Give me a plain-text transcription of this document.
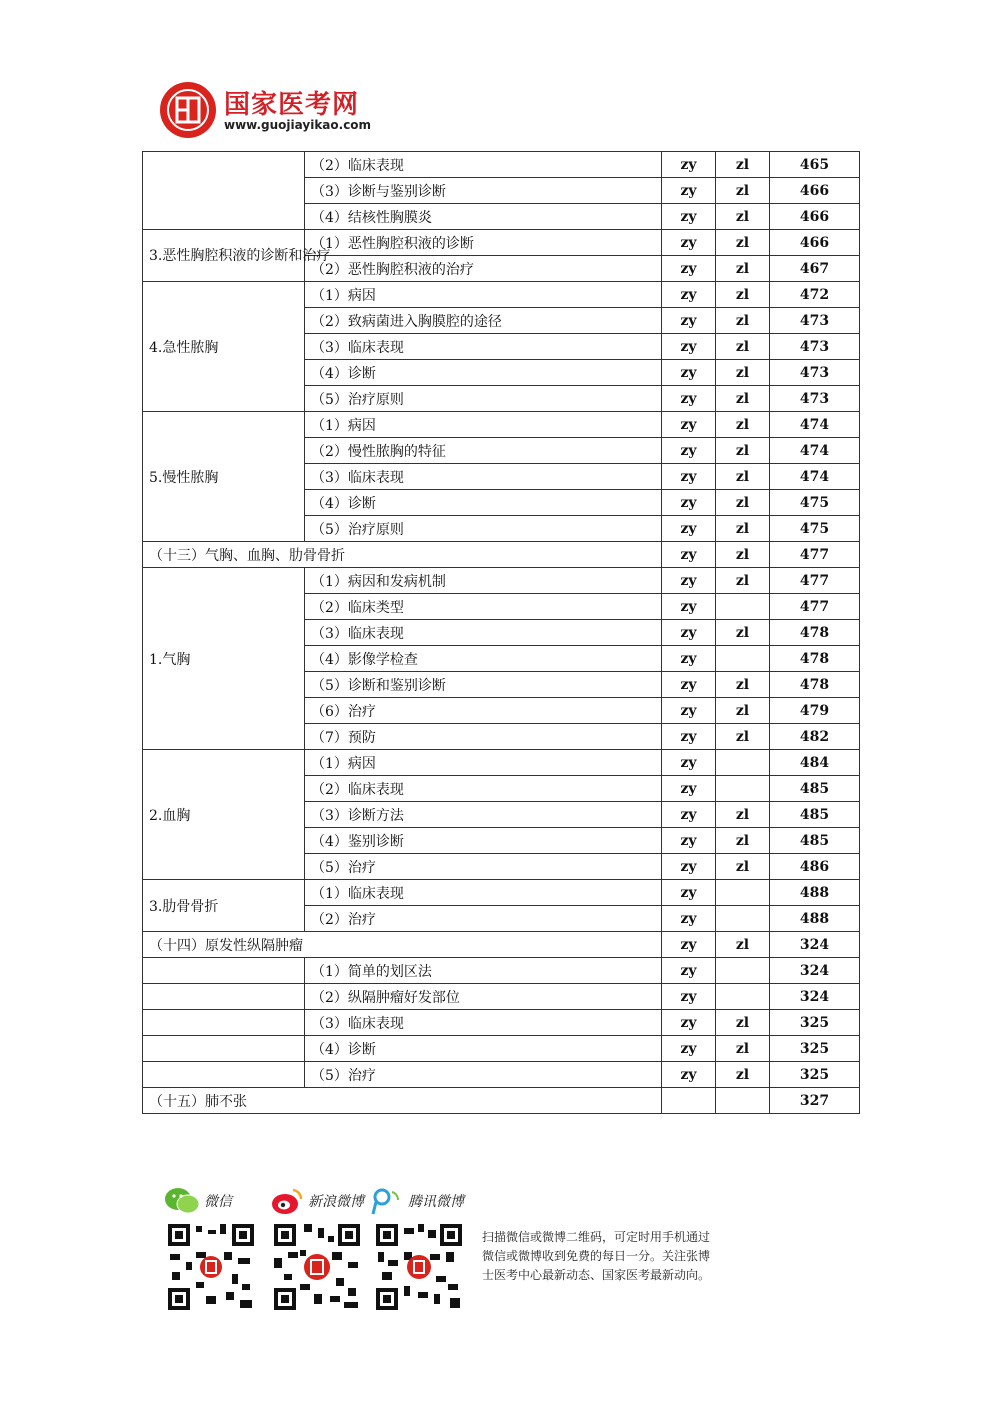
国家医考网
www.guojiayikao.com
	（2）临床表现	zy	zl	465
	（3）诊断与鉴别诊断	zy	zl	466
	（4）结核性胸膜炎	zy	zl	466
3.恶性胸腔积液的诊断和治疗	（1）恶性胸腔积液的诊断	zy	zl	466
	（2）恶性胸腔积液的治疗	zy	zl	467
4.急性脓胸	（1）病因	zy	zl	472
	（2）致病菌进入胸膜腔的途径	zy	zl	473
	（3）临床表现	zy	zl	473
	（4）诊断	zy	zl	473
	（5）治疗原则	zy	zl	473
5.慢性脓胸	（1）病因	zy	zl	474
	（2）慢性脓胸的特征	zy	zl	474
	（3）临床表现	zy	zl	474
	（4）诊断	zy	zl	475
	（5）治疗原则	zy	zl	475
（十三）气胸、血胸、肋骨骨折		zy	zl	477
1.气胸	（1）病因和发病机制	zy	zl	477
	（2）临床类型	zy		477
	（3）临床表现	zy	zl	478
	（4）影像学检查	zy		478
	（5）诊断和鉴别诊断	zy	zl	478
	（6）治疗	zy	zl	479
	（7）预防	zy	zl	482
2.血胸	（1）病因	zy		484
	（2）临床表现	zy		485
	（3）诊断方法	zy	zl	485
	（4）鉴别诊断	zy	zl	485
	（5）治疗	zy	zl	486
3.肋骨骨折	（1）临床表现	zy		488
	（2）治疗	zy		488
（十四）原发性纵隔肿瘤		zy	zl	324
	（1）简单的划区法	zy		324
	（2）纵隔肿瘤好发部位	zy		324
	（3）临床表现	zy	zl	325
	（4）诊断	zy	zl	325
	（5）治疗	zy	zl	325
（十五）肺不张				327
微信	新浪微博	腾讯微博
扫描微信或微博二维码，可定时用手机通过微信或微博收到免费的每日一分。关注张博士医考中心最新动态、国家医考最新动向。
